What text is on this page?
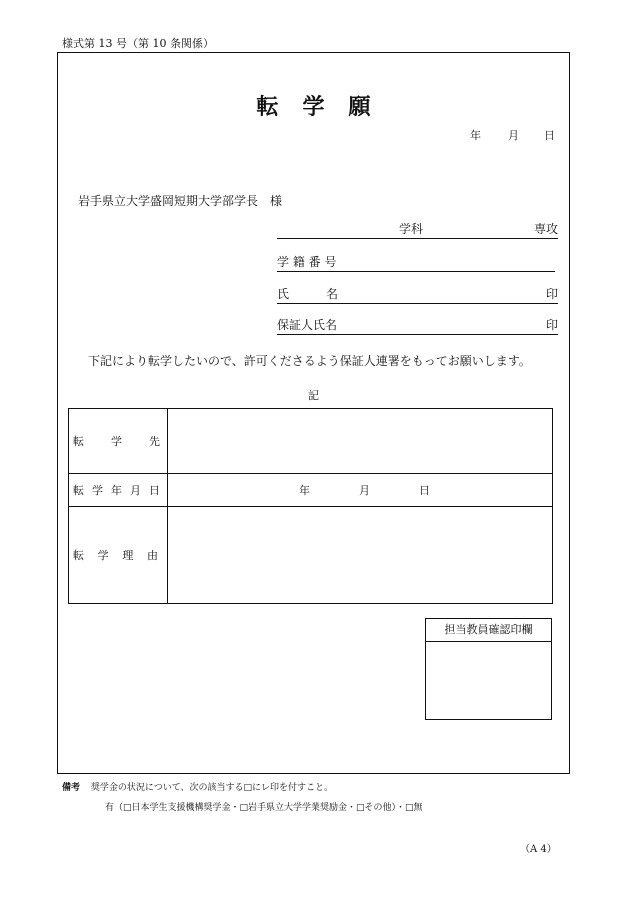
様式第 13 号（第 10 条関係）
転学願
年 月 日
岩手県立大学盛岡短期大学部学長　様
学科	専攻
学 籍 番 号
氏	名	印
保証人氏名	印
下記により転学したいので、許可くださるよう保証人連署をもってお願いします。
記
転 学 先	

転 学 年 月 日	年 月 日

転 学 理 由	

担当教員確認印欄
備考 奨学金の状況について、次の該当する□にレ印を付すこと。
有（□日本学生支援機構奨学金・□岩手県立大学学業奨励金・□その他）・□無
（A 4）
